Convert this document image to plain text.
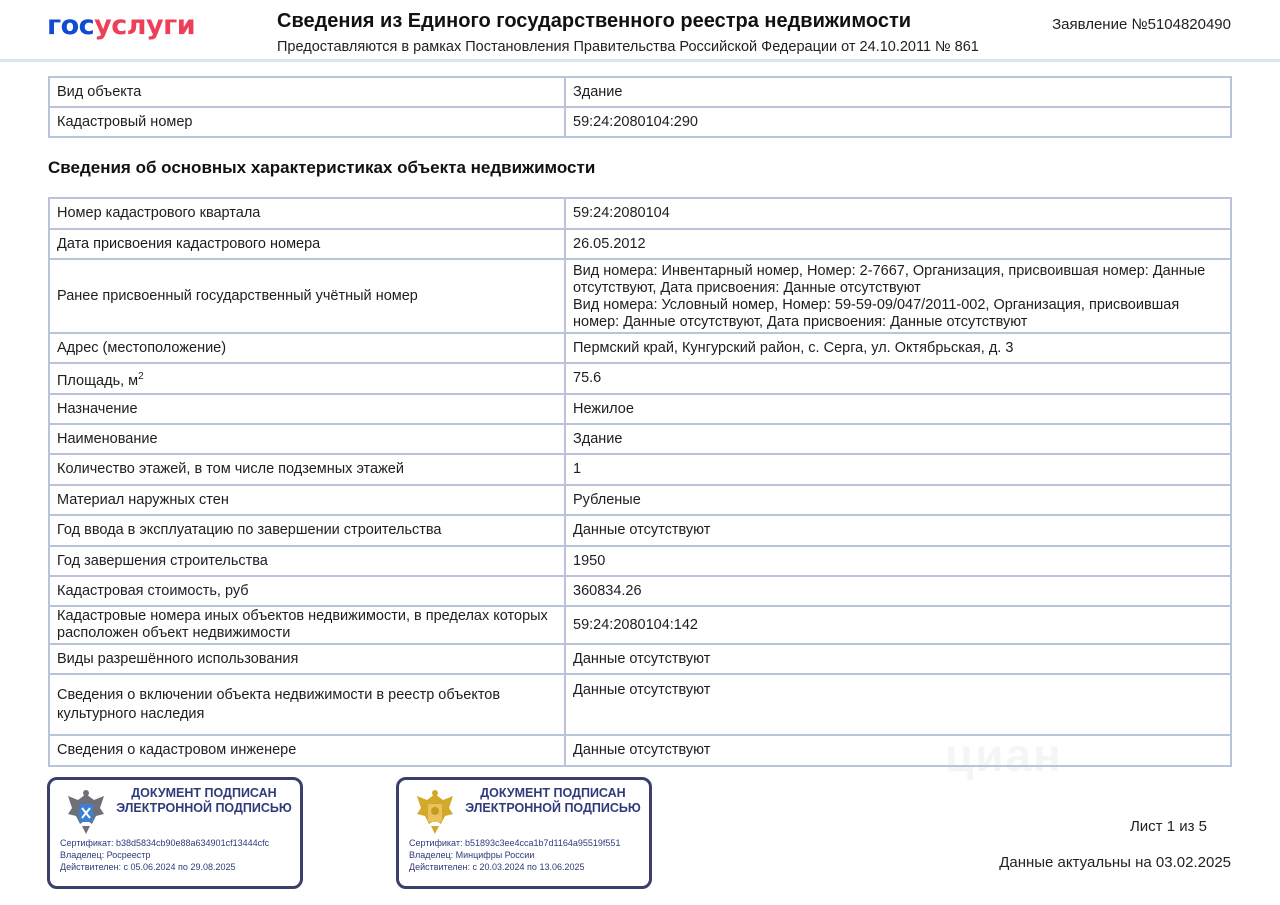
госуслуги	Сведения из Единого государственного реестра недвижимости
Предоставляются в рамках Постановления Правительства Российской Федерации от 24.10.2011 № 861
Заявление №5104820490
Вид объекта	Здание
Кадастровый номер	59:24:2080104:290
Сведения об основных характеристиках объекта недвижимости
Номер кадастрового квартала	59:24:2080104
Дата присвоения кадастрового номера	26.05.2012
Ранее присвоенный государственный учётный номер	Вид номера: Инвентарный номер, Номер: 2-7667, Организация, присвоившая номер: Данные отсутствуют, Дата присвоения: Данные отсутствуют
Вид номера: Условный номер, Номер: 59-59-09/047/2011-002, Организация, присвоившая номер: Данные отсутствуют, Дата присвоения: Данные отсутствуют

Адрес (местоположение)	Пермский край, Кунгурский район, с. Серга, ул. Октябрьская, д. 3
Площадь, $м^2$	75.6
Назначение	Нежилое
Наименование	Здание
Количество этажей, в том числе подземных этажей	1
Материал наружных стен	Рубленые
Год ввода в эксплуатацию по завершении строительства	Данные отсутствуют
Год завершения строительства	1950
Кадастровая стоимость, руб	360834.26
Кадастровые номера иных объектов недвижимости, в пределах которых расположен объект недвижимости	59:24:2080104:142
Виды разрешённого использования	Данные отсутствуют
Сведения о включении объекта недвижимости в реестр объектов культурного наследия	Данные отсутствуют
Сведения о кадастровом инженере	Данные отсутствуют	циан
ДОКУМЕНТ ПОДПИСАН ЭЛЕКТРОННОЙ ПОДПИСЬЮ
Сертификат: b38d5834cb90e88a634901cf13444cfc
Владелец: Росреестр
Действителен: с 05.06.2024 по 29.08.2025
ДОКУМЕНТ ПОДПИСАН ЭЛЕКТРОННОЙ ПОДПИСЬЮ
Сертификат: b51893c3ee4cca1b7d1164a95519f551
Владелец: Минцифры России
Действителен: с 20.03.2024 по 13.06.2025
Лист 1 из 5
Данные актуальны на 03.02.2025
